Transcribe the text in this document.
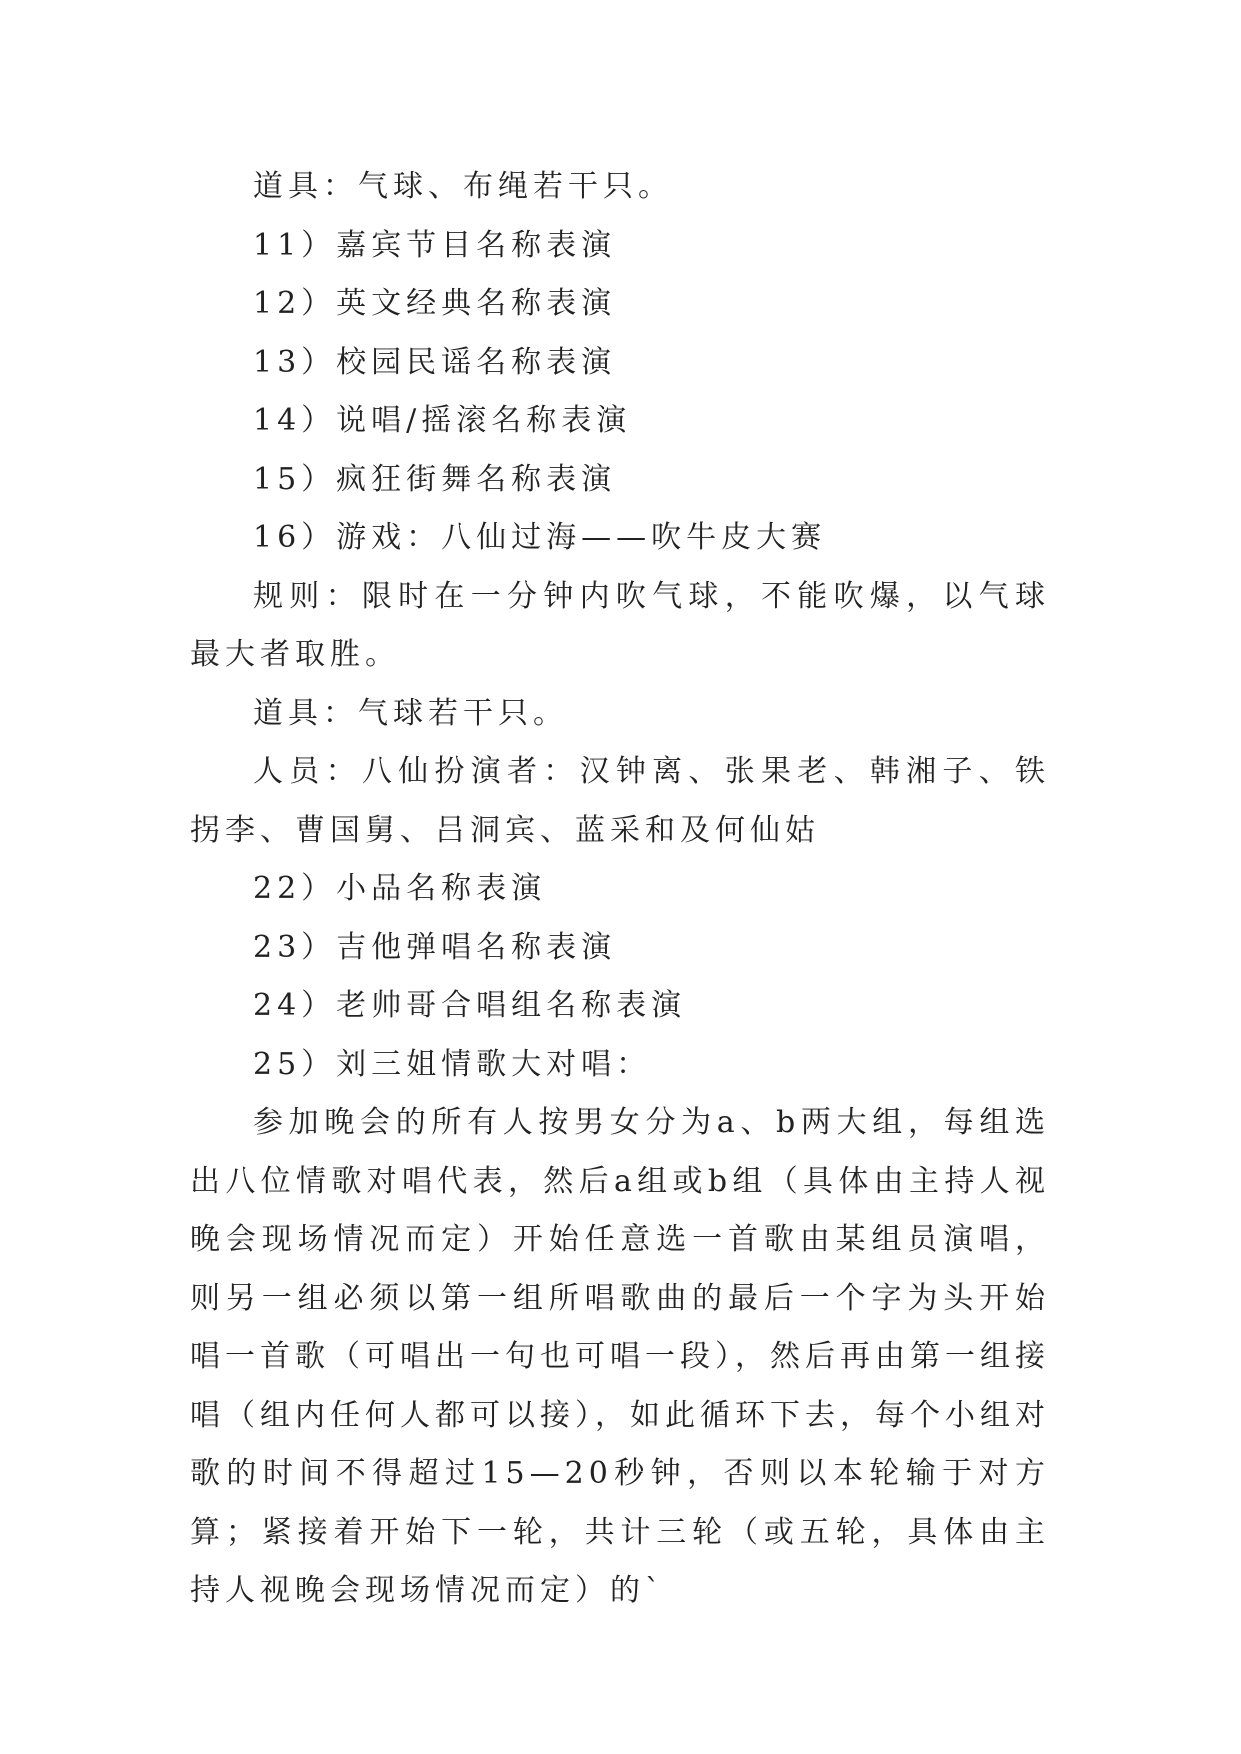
道具：气球、布绳若干只。

11）嘉宾节目名称表演

12）英文经典名称表演

13）校园民谣名称表演

14）说唱/摇滚名称表演

15）疯狂街舞名称表演

16）游戏：八仙过海——吹牛皮大赛

规则：限时在一分钟内吹气球，不能吹爆，以气球最大者取胜。

道具：气球若干只。

人员：八仙扮演者：汉钟离、张果老、韩湘子、铁拐李、曹国舅、吕洞宾、蓝采和及何仙姑

22）小品名称表演

23）吉他弹唱名称表演

24）老帅哥合唱组名称表演

25）刘三姐情歌大对唱：

参加晚会的所有人按男女分为a、b两大组，每组选出八位情歌对唱代表，然后a组或b组（具体由主持人视晚会现场情况而定）开始任意选一首歌由某组员演唱，则另一组必须以第一组所唱歌曲的最后一个字为头开始唱一首歌（可唱出一句也可唱一段），然后再由第一组接唱（组内任何人都可以接），如此循环下去，每个小组对歌的时间不得超过15—20秒钟，否则以本轮输于对方算；紧接着开始下一轮，共计三轮（或五轮，具体由主持人视晚会现场情况而定）的`
